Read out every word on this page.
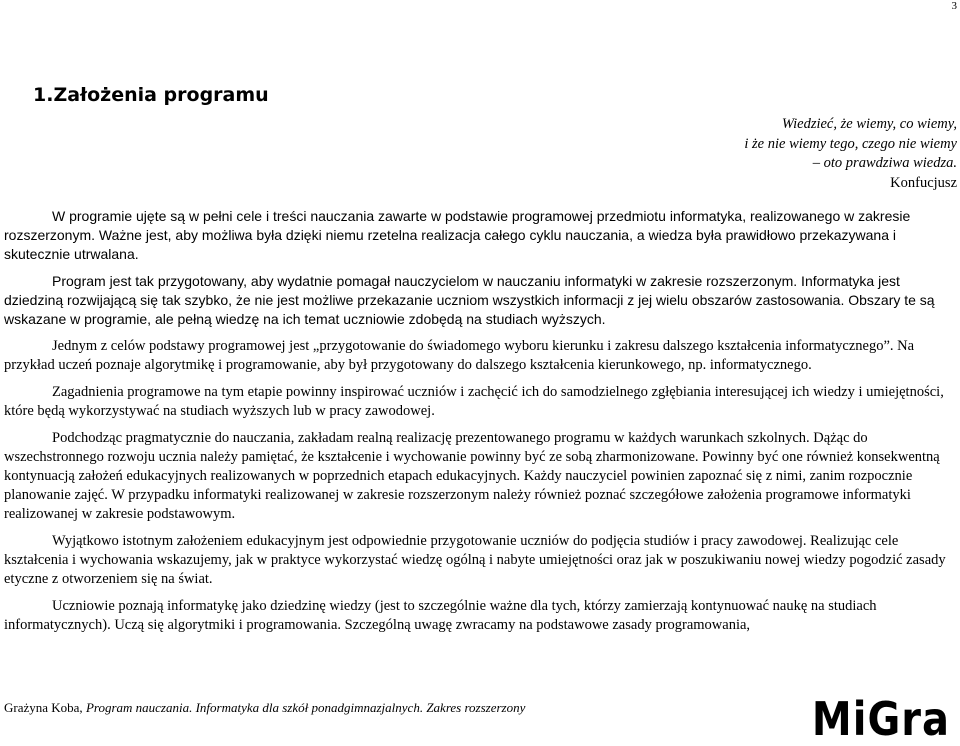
3
1.Założenia programu
Wiedzieć, że wiemy, co wiemy,
i że nie wiemy tego, czego nie wiemy
– oto prawdziwa wiedza.
Konfucjusz

W programie ujęte są w pełni cele i treści nauczania zawarte w podstawie programowej przedmiotu informatyka, realizowanego w zakresie rozszerzonym. Ważne jest, aby możliwa była dzięki niemu rzetelna realizacja całego cyklu nauczania, a wiedza była prawidłowo przekazywana i skutecznie utrwalana.

Program jest tak przygotowany, aby wydatnie pomagał nauczycielom w nauczaniu informatyki w zakresie rozszerzonym. Informatyka jest dziedziną rozwijającą się tak szybko, że nie jest możliwe przekazanie uczniom wszystkich informacji z jej wielu obszarów zastosowania. Obszary te są wskazane w programie, ale pełną wiedzę na ich temat uczniowie zdobędą na studiach wyższych.

Jednym z celów podstawy programowej jest „przygotowanie do świadomego wyboru kierunku i zakresu dalszego kształcenia informatycznego”. Na przykład uczeń poznaje algorytmikę i programowanie, aby był przygotowany do dalszego kształcenia kierunkowego, np. informatycznego.

Zagadnienia programowe na tym etapie powinny inspirować uczniów i zachęcić ich do samodzielnego zgłębiania interesującej ich wiedzy i umiejętności, które będą wykorzystywać na studiach wyższych lub w pracy zawodowej.

Podchodząc pragmatycznie do nauczania, zakładam realną realizację prezentowanego programu w każdych warunkach szkolnych. Dążąc do wszechstronnego rozwoju ucznia należy pamiętać, że kształcenie i wychowanie powinny być ze sobą zharmonizowane. Powinny być one również konsekwentną kontynuacją założeń edukacyjnych realizowanych w poprzednich etapach edukacyjnych. Każdy nauczyciel powinien zapoznać się z nimi, zanim rozpocznie planowanie zajęć. W przypadku informatyki realizowanej w zakresie rozszerzonym należy również poznać szczegółowe założenia programowe informatyki realizowanej w zakresie podstawowym.

Wyjątkowo istotnym założeniem edukacyjnym jest odpowiednie przygotowanie uczniów do podjęcia studiów i pracy zawodowej. Realizując cele kształcenia i wychowania wskazujemy, jak w praktyce wykorzystać wiedzę ogólną i nabyte umiejętności oraz jak w poszukiwaniu nowej wiedzy pogodzić zasady etyczne z otworzeniem się na świat.

Uczniowie poznają informatykę jako dziedzinę wiedzy (jest to szczególnie ważne dla tych, którzy zamierzają kontynuować naukę na studiach informatycznych). Uczą się algorytmiki i programowania. Szczególną uwagę zwracamy na podstawowe zasady programowania,

Grażyna Koba, Program nauczania. Informatyka dla szkół ponadgimnazjalnych. Zakres rozszerzony	MiGra
